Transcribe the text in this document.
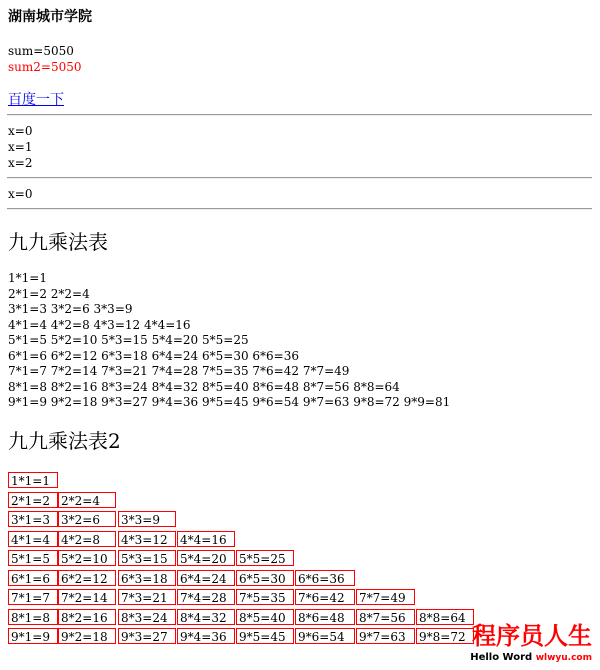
湖南城市学院
sum=5050
sum2=5050
百度一下
x=0
x=1
x=2
x=0
九九乘法表
1*1=1
2*1=2 2*2=4
3*1=3 3*2=6 3*3=9
4*1=4 4*2=8 4*3=12 4*4=16
5*1=5 5*2=10 5*3=15 5*4=20 5*5=25
6*1=6 6*2=12 6*3=18 6*4=24 6*5=30 6*6=36
7*1=7 7*2=14 7*3=21 7*4=28 7*5=35 7*6=42 7*7=49
8*1=8 8*2=16 8*3=24 8*4=32 8*5=40 8*6=48 8*7=56 8*8=64
9*1=9 9*2=18 9*3=27 9*4=36 9*5=45 9*6=54 9*7=63 9*8=72 9*9=81
九九乘法表2
1*1=1
2*1=2 2*2=4
3*1=3 3*2=6	3*3=9
4*1=4 4*2=8	4*3=12	4*4=16
5*1=5 5*2=10	5*3=15	5*4=20	5*5=25
6*1=6 6*2=12	6*3=18	6*4=24	6*5=30	6*6=36
7*1=7 7*2=14	7*3=21	7*4=28	7*5=35	7*6=42	7*7=49
8*1=8 8*2=16	8*3=24	8*4=32	8*5=40	8*6=48	8*7=56	8*8=64
9*1=9 9*2=18	9*3=27	9*4=36	9*5=45	9*6=54	9*7=63	9*8=72 程序员人生
Hello Word wlwyu.com
